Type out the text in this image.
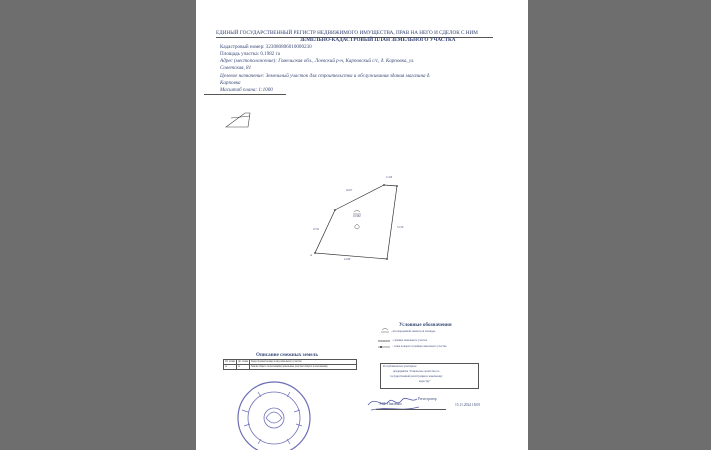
ЕДИНЫЙ ГОСУДАРСТВЕННЫЙ РЕГИСТР НЕДВИЖИМОГО ИМУЩЕСТВА, ПРАВ НА НЕГО И СДЕЛОК С НИМ
ЗЕМЕЛЬНО-КАДАСТРОВЫЙ ПЛАН ЗЕМЕЛЬНОГО УЧАСТКА
Кадастровый номер: 323080806010000230
Площадь участка: 0.1982 га
Адрес (местоположение): Гомельская обл., Лоевский р-н, Карповский с/с, д. Карповка, ул.
Советская, 81
Целевое назначение: Земельный участок для строительства и обслуживания здания магазина д.
Карповка
Масштаб плана: 1:1000
11.00
42.07
27.91
51.50
41.89
0.1982
А
Условные обозначения
- вся переданной земли и её площадь
- граница земельного участка
- точка поворота границы земельного участка
Описание смежных земель
От точки	До точки	Кадастровый номер и вид земельного участка
А	А	Земли общего пользования (земельные участки общего пользования)	Республиканское унитарное
предприятие "Гомельское агентство по
государственной регистрации и земельному
кадастру"
Регистратор
Э.М. Павленко	15.11.2024 18:05
